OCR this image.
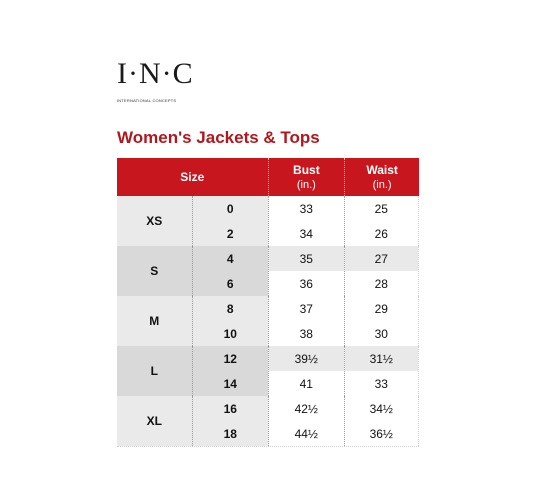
I·N·C
INTERNATIONAL CONCEPTS
Women's Jackets & Tops
Size	Bust
(in.)
Waist
(in.)
XS
0
2
33
34
25
26
S
4
6
35
36
27
28
M
8
10
37
38
29
30
L
12
14
39½
41
31½
33
XL
16
18
42½
44½
34½
36½
